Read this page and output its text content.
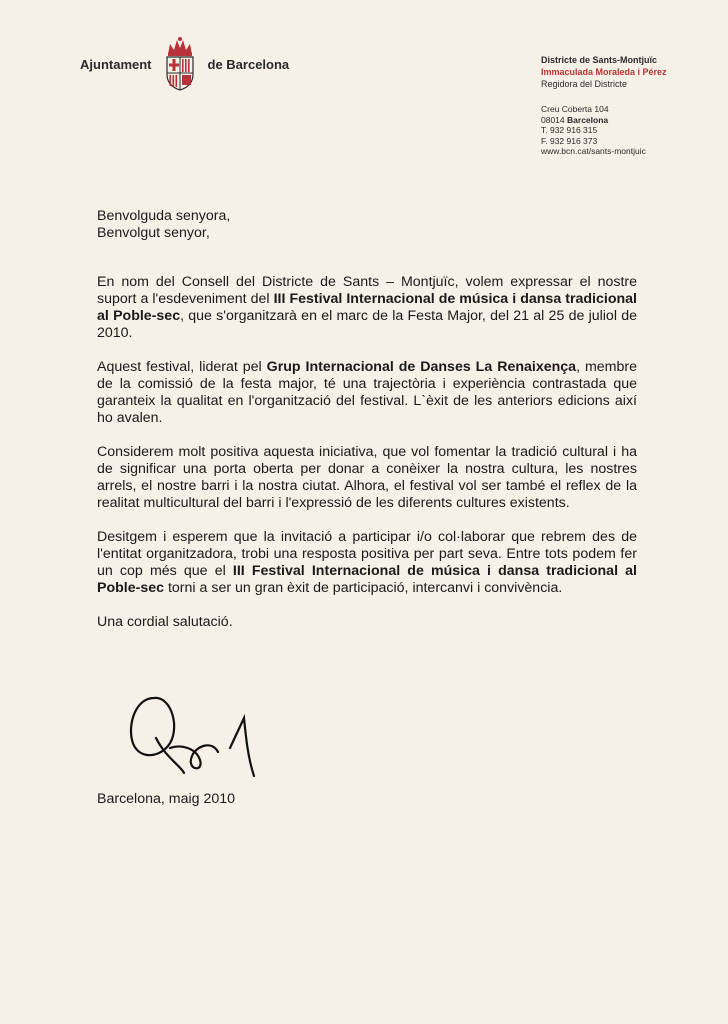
Ajuntament	de Barcelona	Districte de Sants-Montjuïc
Immaculada Moraleda i Pérez
Regidora del Districte
Creu Coberta 104
08014 Barcelona
T. 932 916 315
F. 932 916 373
www.bcn.cat/sants-montjuic

Benvolguda senyora,
Benvolgut senyor,

En nom del Consell del Districte de Sants – Montjuïc, volem expressar el nostre suport a l'esdeveniment del III Festival Internacional de música i dansa tradicional al Poble-sec, que s'organitzarà en el marc de la Festa Major, del 21 al 25 de juliol de 2010.

Aquest festival, liderat pel Grup Internacional de Danses La Renaixença, membre de la comissió de la festa major, té una trajectòria i experiència contrastada que garanteix la qualitat en l'organització del festival. L`èxit de les anteriors edicions així ho avalen.

Considerem molt positiva aquesta iniciativa, que vol fomentar la tradició cultural i ha de significar una porta oberta per donar a conèixer la nostra cultura, les nostres arrels, el nostre barri i la nostra ciutat. Alhora, el festival vol ser també el reflex de la realitat multicultural del barri i l'expressió de les diferents cultures existents.

Desitgem i esperem que la invitació a participar i/o col·laborar que rebrem des de l'entitat organitzadora, trobi una resposta positiva per part seva. Entre tots podem fer un cop més que el III Festival Internacional de música i dansa tradicional al Poble-sec torni a ser un gran èxit de participació, intercanvi i convivència.

Una cordial salutació.

Barcelona, maig 2010
